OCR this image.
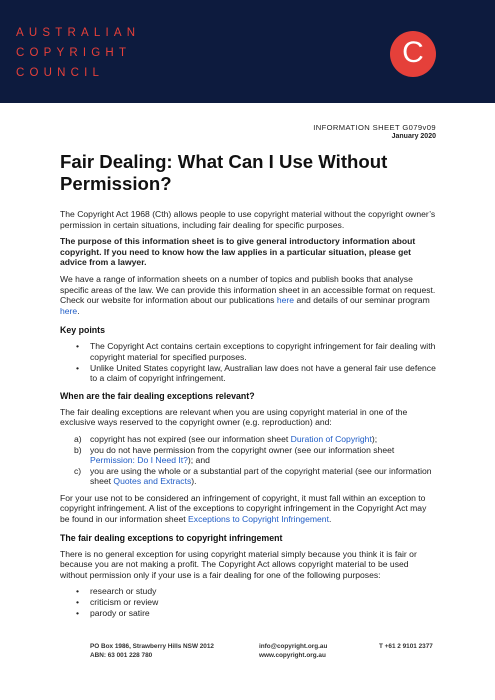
AUSTRALIAN
COPYRIGHT
COUNCIL
C
INFORMATION SHEET G079v09
January 2020
Fair Dealing: What Can I Use Without Permission?

The Copyright Act 1968 (Cth) allows people to use copyright material without the copyright owner’s permission in certain situations, including fair dealing for specific purposes.

The purpose of this information sheet is to give general introductory information about copyright. If you need to know how the law applies in a particular situation, please get advice from a lawyer.

We have a range of information sheets on a number of topics and publish books that analyse specific areas of the law. We can provide this information sheet in an accessible format on request. Check our website for information about our publications here and details of our seminar program here.

Key points
• The Copyright Act contains certain exceptions to copyright infringement for fair dealing with copyright material for specified purposes.
• Unlike United States copyright law, Australian law does not have a general fair use defence to a claim of copyright infringement.
When are the fair dealing exceptions relevant?

The fair dealing exceptions are relevant when you are using copyright material in one of the exclusive ways reserved to the copyright owner (e.g. reproduction) and:

a) copyright has not expired (see our information sheet Duration of Copyright);
b) you do not have permission from the copyright owner (see our information sheet Permission: Do I Need It?); and
c) you are using the whole or a substantial part of the copyright material (see our information sheet Quotes and Extracts).

For your use not to be considered an infringement of copyright, it must fall within an exception to copyright infringement. A list of the exceptions to copyright infringement in the Copyright Act may be found in our information sheet Exceptions to Copyright Infringement.

The fair dealing exceptions to copyright infringement

There is no general exception for using copyright material simply because you think it is fair or because you are not making a profit. The Copyright Act allows copyright material to be used without permission only if your use is a fair dealing for one of the following purposes:

• research or study
• criticism or review
• parody or satire
PO Box 1986, Strawberry Hills NSW 2012
ABN: 63 001 228 780
info@copyright.org.au
www.copyright.org.au
T +61 2 9101 2377
